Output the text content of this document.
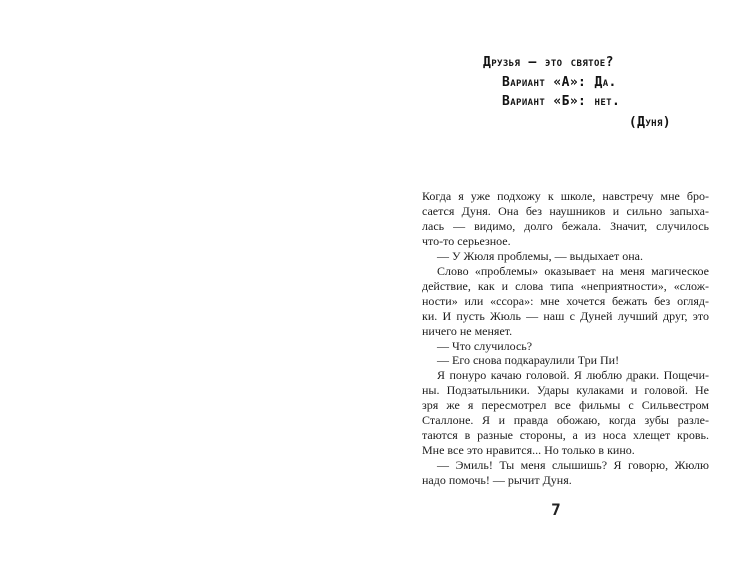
Друзья — это святое?
Вариант «А»: Да.
Вариант «Б»: нет.
(Дуня)
Когда я уже подхожу к школе, навстречу мне бро-
сается Дуня. Она без наушников и сильно запыха-
лась — видимо, долго бежала. Значит, случилось
что-то серьезное.
— У Жюля проблемы, — выдыхает она.
Слово «проблемы» оказывает на меня магическое
действие, как и слова типа «неприятности», «слож-
ности» или «ссора»: мне хочется бежать без огляд-
ки. И пусть Жюль — наш с Дуней лучший друг, это
ничего не меняет.
— Что случилось?
— Его снова подкараулили Три Пи!
Я понуро качаю головой. Я люблю драки. Пощечи-
ны. Подзатыльники. Удары кулаками и головой. Не
зря же я пересмотрел все фильмы с Сильвестром
Сталлоне. Я и правда обожаю, когда зубы разле-
таются в разные стороны, а из носа хлещет кровь.
Мне все это нравится... Но только в кино.
— Эмиль! Ты меня слышишь? Я говорю, Жюлю
надо помочь! — рычит Дуня.
7
